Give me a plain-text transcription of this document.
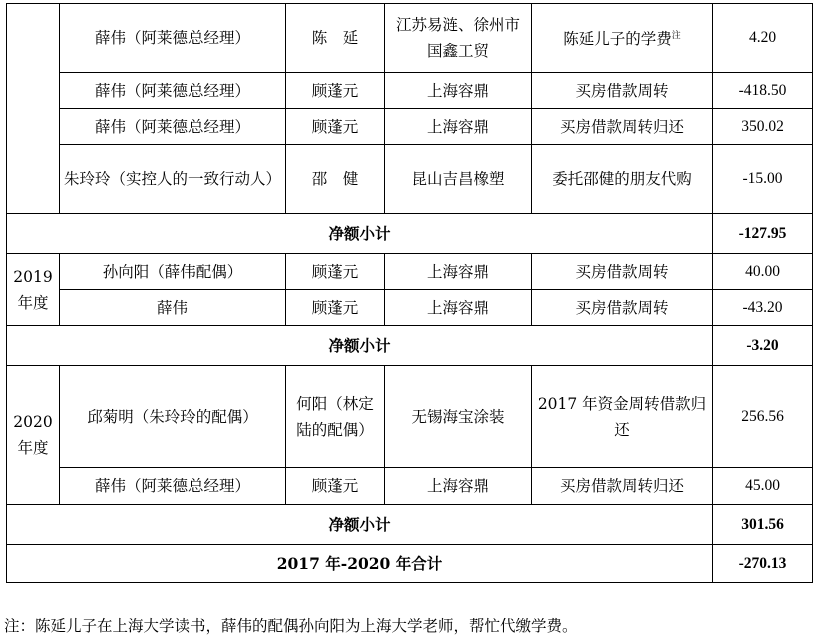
	薛伟（阿莱德总经理）	陈　延	江苏易涟、徐州市国鑫工贸	陈延儿子的学费$^注$	4.20
	薛伟（阿莱德总经理）	顾蓬元	上海容鼎	买房借款周转	-418.50
	薛伟（阿莱德总经理）	顾蓬元	上海容鼎	买房借款周转归还	350.02
	朱玲玲（实控人的一致行动人）	邵　健	昆山吉昌橡塑	委托邵健的朋友代购	-15.00
净额小计					-127.95
2019年度	孙向阳（薛伟配偶）	顾蓬元	上海容鼎	买房借款周转	40.00
	薛伟	顾蓬元	上海容鼎	买房借款周转	-43.20
净额小计					-3.20
2020年度	邱菊明（朱玲玲的配偶）	何阳（林定陆的配偶）	无锡海宝涂装	2017 年资金周转借款归还	256.56
	薛伟（阿莱德总经理）	顾蓬元	上海容鼎	买房借款周转归还	45.00
净额小计					301.56
2017 年-2020 年合计					-270.13
注：陈延儿子在上海大学读书，薛伟的配偶孙向阳为上海大学老师，帮忙代缴学费。
